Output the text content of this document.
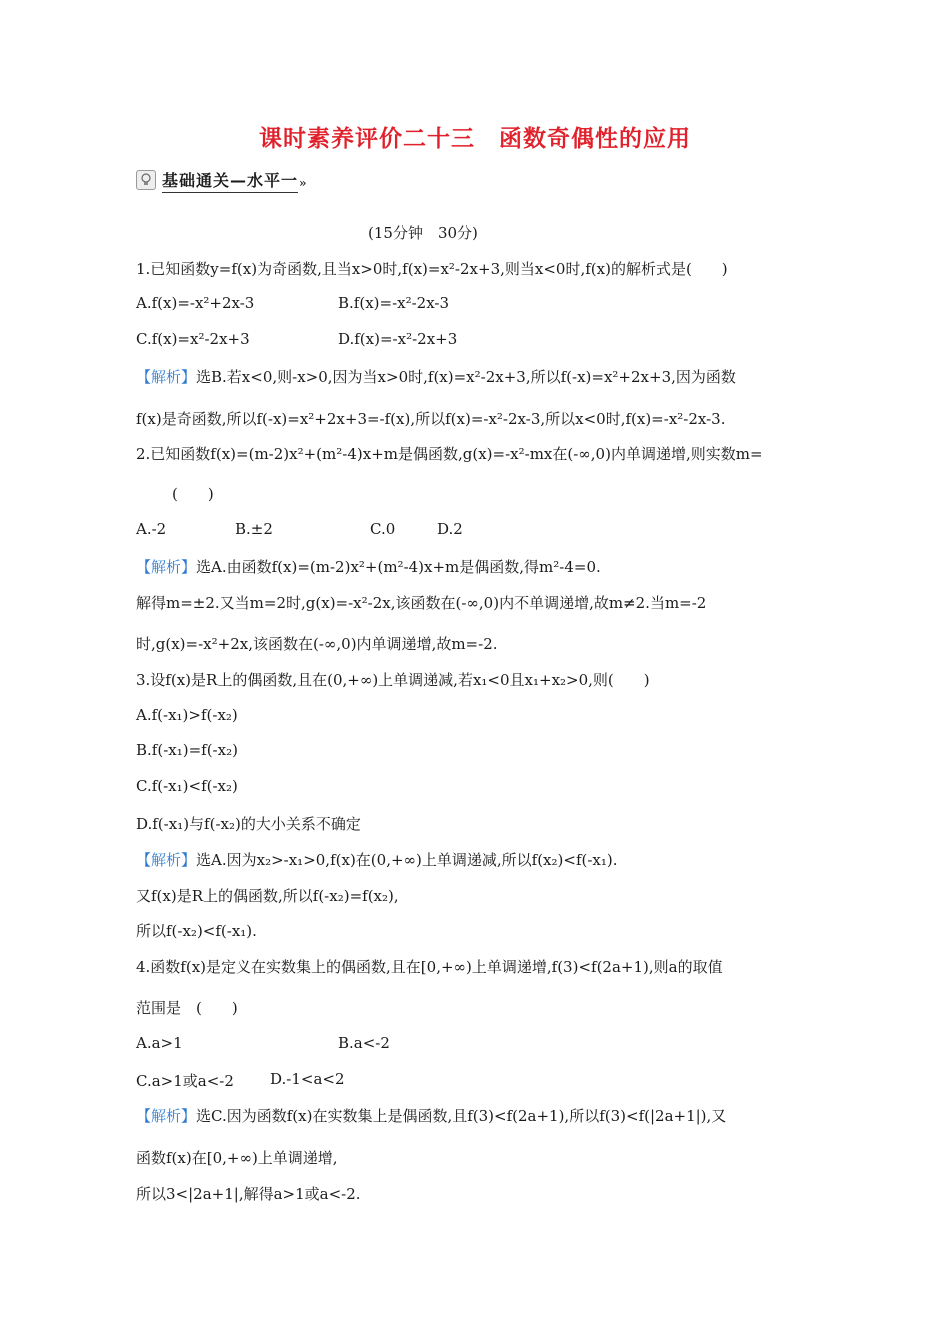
课时素养评价二十三　函数奇偶性的应用
基础通关—水平一 »
(15分钟　30分)
1.已知函数y=f(x)为奇函数,且当x>0时,f(x)=x²-2x+3,则当x<0时,f(x)的解析式是(　　)
A.f(x)=-x²+2x-3	B.f(x)=-x²-2x-3
C.f(x)=x²-2x+3	D.f(x)=-x²-2x+3
【解析】选B.若x<0,则-x>0,因为当x>0时,f(x)=x²-2x+3,所以f(-x)=x²+2x+3,因为函数
f(x)是奇函数,所以f(-x)=x²+2x+3=-f(x),所以f(x)=-x²-2x-3,所以x<0时,f(x)=-x²-2x-3.
2.已知函数f(x)=(m-2)x²+(m²-4)x+m是偶函数,g(x)=-x²-mx在(-∞,0)内单调递增,则实数m=
(　　)
A.-2	B.±2	C.0	D.2
【解析】选A.由函数f(x)=(m-2)x²+(m²-4)x+m是偶函数,得m²-4=0.
解得m=±2.又当m=2时,g(x)=-x²-2x,该函数在(-∞,0)内不单调递增,故m≠2.当m=-2
时,g(x)=-x²+2x,该函数在(-∞,0)内单调递增,故m=-2.
3.设f(x)是R上的偶函数,且在(0,+∞)上单调递减,若x₁<0且x₁+x₂>0,则(　　)
A.f(-x₁)>f(-x₂)
B.f(-x₁)=f(-x₂)
C.f(-x₁)<f(-x₂)
D.f(-x₁)与f(-x₂)的大小关系不确定
【解析】选A.因为x₂>-x₁>0,f(x)在(0,+∞)上单调递减,所以f(x₂)<f(-x₁).
又f(x)是R上的偶函数,所以f(-x₂)=f(x₂),
所以f(-x₂)<f(-x₁).
4.函数f(x)是定义在实数集上的偶函数,且在[0,+∞)上单调递增,f(3)<f(2a+1),则a的取值
范围是　(　　)
A.a>1	B.a<-2
C.a>1或a<-2 D.-1<a<2
【解析】选C.因为函数f(x)在实数集上是偶函数,且f(3)<f(2a+1),所以f(3)<f(|2a+1|),又
函数f(x)在[0,+∞)上单调递增,
所以3<|2a+1|,解得a>1或a<-2.
